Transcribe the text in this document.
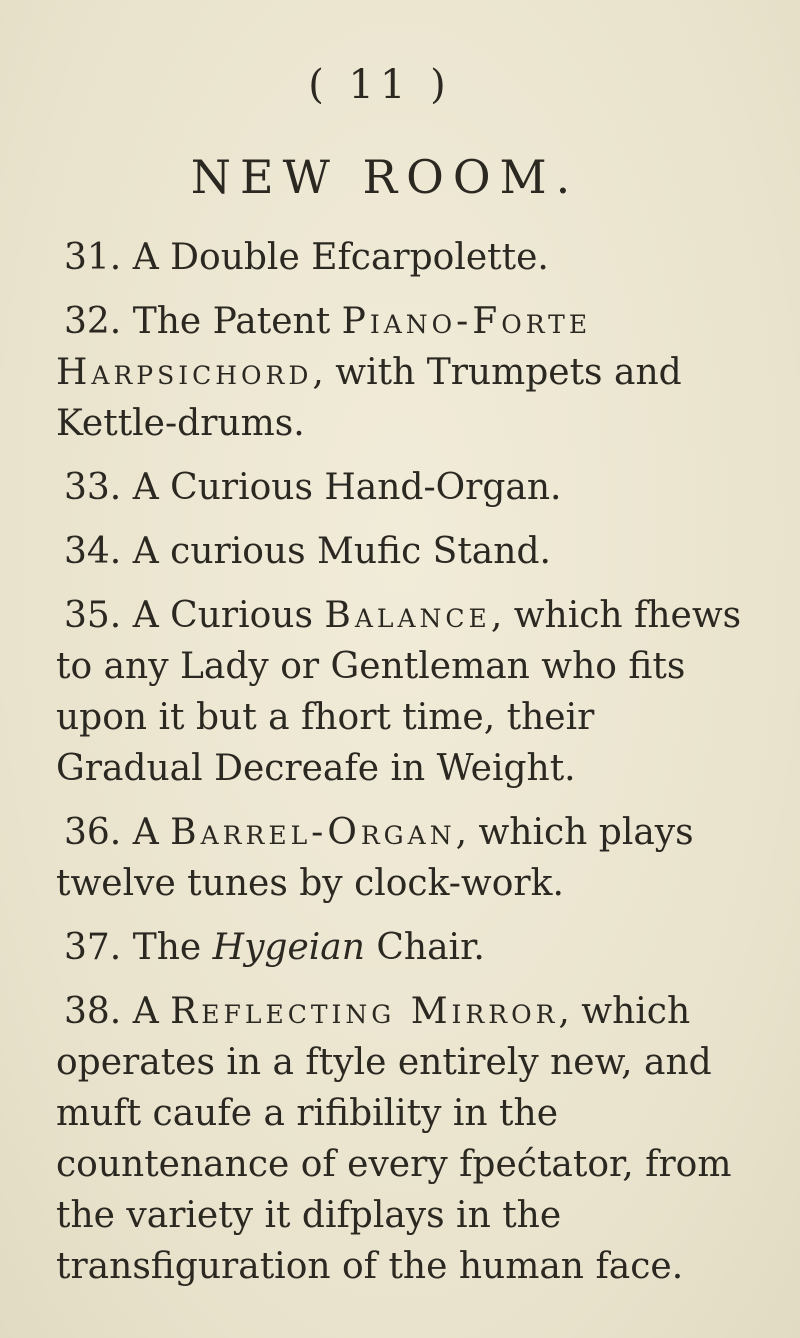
( 11 )
NEW ROOM.
31. A Double Efcarpolette.
32. The Patent Piano-Forte Harpsichord, with Trumpets and Kettle-drums.
33. A Curious Hand-Organ.
34. A curious Mufic Stand.
35. A Curious Balance, which fhews to any Lady or Gentleman who fits upon it but a fhort time, their Gradual Decreafe in Weight.
36. A Barrel-Organ, which plays twelve tunes by clock-work.
37. The Hygeian Chair.
38. A Reflecting Mirror, which operates in a ftyle entirely new, and muft caufe a rifibility in the countenance of every fpećtator, from the variety it difplays in the transfiguration of the human face.
